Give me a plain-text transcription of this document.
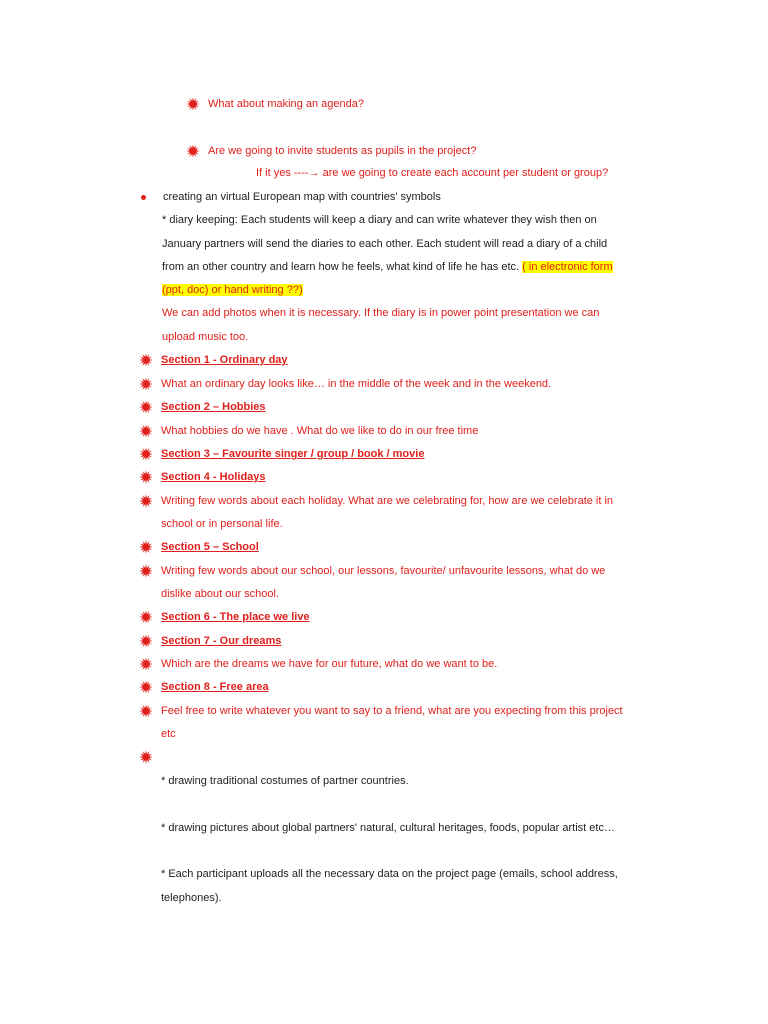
What about making an agenda?
Are we going to invite students as pupils in the project?
If it yes ----→ are we going to create each account per student or group?
creating an virtual European map with countries' symbols
* diary keeping: Each students will keep a diary and can write whatever they wish then on
January partners will send the diaries to each other. Each student will read a diary of a child
from an other country and learn how he feels, what kind of life he has etc. ( in electronic form
(ppt, doc) or hand writing ??)
We can add photos when it is necessary. If the diary is in power point presentation we can
upload music too.
Section 1 - Ordinary day
What an ordinary day looks like… in the middle of the week and in the weekend.
Section 2 – Hobbies
What hobbies do we have . What do we like to do in our free time
Section 3 – Favourite singer / group / book / movie
Section 4 - Holidays
Writing few words about each holiday. What are we celebrating for, how are we celebrate it in
school or in personal life.
Section 5 – School
Writing few words about our school, our lessons, favourite/ unfavourite lessons, what do we
dislike about our school.
Section 6 - The place we live
Section 7 - Our dreams
Which are the dreams we have for our future, what do we want to be.
Section 8 - Free area
Feel free to write whatever you want to say to a friend, what are you expecting from this project
etc
* drawing traditional costumes of partner countries.
* drawing pictures about global partners' natural, cultural heritages, foods, popular artist etc…
* Each participant uploads all the necessary data on the project page (emails, school address,
telephones).
